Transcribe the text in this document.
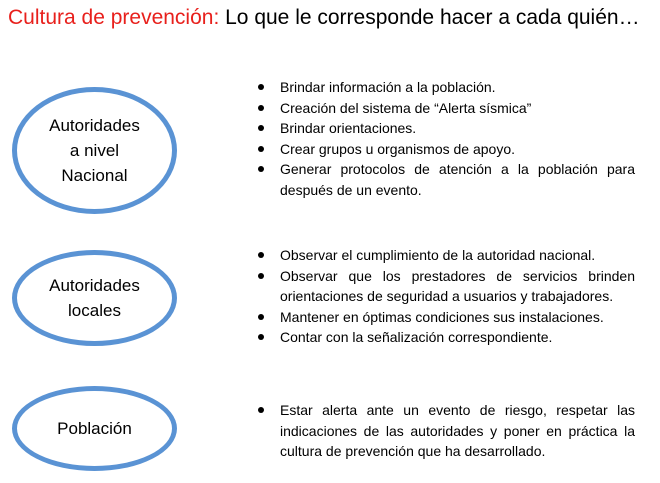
Cultura de prevención: Lo que le corresponde hacer a cada quién…
Autoridades
a nivel
Nacional
Brindar información a la población.
Creación del sistema de “Alerta sísmica”
Brindar orientaciones.
Crear grupos u organismos de apoyo.
Generar protocolos de atención a la población para después de un evento.
Autoridades
locales
Observar el cumplimiento de la autoridad nacional.
Observar que los prestadores de servicios brinden orientaciones de seguridad a usuarios y trabajadores.
Mantener en óptimas condiciones sus instalaciones.
Contar con la señalización correspondiente.
Población
Estar alerta ante un evento de riesgo, respetar las indicaciones de las autoridades y poner en práctica la cultura de prevención que ha desarrollado.
